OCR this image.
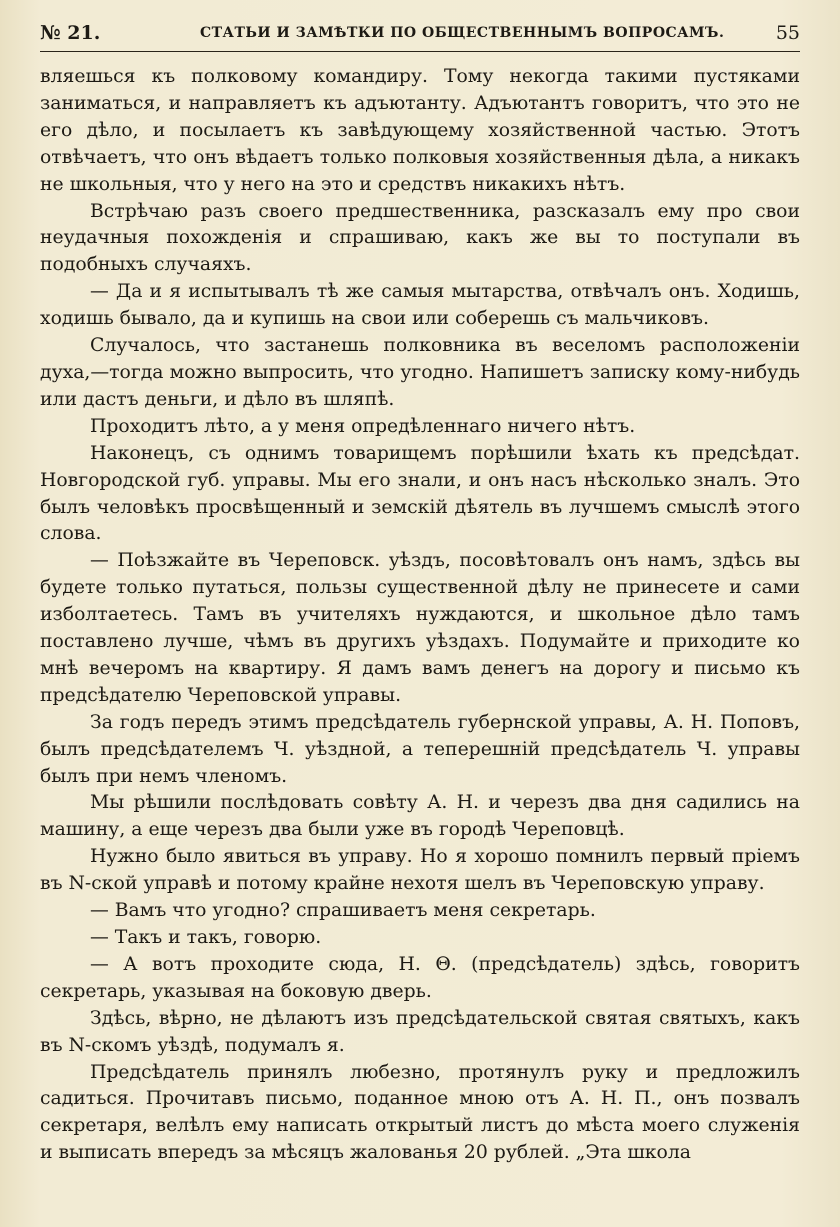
№ 21.	СТАТЬИ И ЗАМѢТКИ ПО ОБЩЕСТВЕННЫМЪ ВОПРОСАМЪ.	55

вляешься къ полковому командиру. Тому некогда такими пустяками заниматься, и направляетъ къ адъютанту. Адъютантъ говоритъ, что это не его дѣло, и посылаетъ къ завѣдующему хозяйственной частью. Этотъ отвѣчаетъ, что онъ вѣдаетъ только полковыя хозяйственныя дѣла, а никакъ не школьныя, что у него на это и средствъ никакихъ нѣтъ.

Встрѣчаю разъ своего предшественника, разсказалъ ему про свои неудачныя похожденія и спрашиваю, какъ же вы то поступали въ подобныхъ случаяхъ.

— Да и я испытывалъ тѣ же самыя мытарства, отвѣчалъ онъ. Ходишь, ходишь бывало, да и купишь на свои или соберешь съ мальчиковъ.

Случалось, что застанешь полковника въ веселомъ расположеніи духа,—тогда можно выпросить, что угодно. Напишетъ записку кому-нибудь или дастъ деньги, и дѣло въ шляпѣ.

Проходитъ лѣто, а у меня опредѣленнаго ничего нѣтъ.

Наконецъ, съ однимъ товарищемъ порѣшили ѣхать къ предсѣдат. Новгородской губ. управы. Мы его знали, и онъ насъ нѣсколько зналъ. Это былъ человѣкъ просвѣщенный и земскій дѣятель въ лучшемъ смыслѣ этого слова.

— Поѣзжайте въ Череповск. уѣздъ, посовѣтовалъ онъ намъ, здѣсь вы будете только путаться, пользы существенной дѣлу не принесете и сами изболтаетесь. Тамъ въ учителяхъ нуждаются, и школьное дѣло тамъ поставлено лучше, чѣмъ въ другихъ уѣздахъ. Подумайте и приходите ко мнѣ вечеромъ на квартиру. Я дамъ вамъ денегъ на дорогу и письмо къ предсѣдателю Череповской управы.

За годъ передъ этимъ предсѣдатель губернской управы, А. Н. Поповъ, былъ предсѣдателемъ Ч. уѣздной, а теперешній предсѣдатель Ч. управы былъ при немъ членомъ.

Мы рѣшили послѣдовать совѣту А. Н. и черезъ два дня садились на машину, а еще черезъ два были уже въ городѣ Череповцѣ.

Нужно было явиться въ управу. Но я хорошо помнилъ первый пріемъ въ N-ской управѣ и потому крайне нехотя шелъ въ Череповскую управу.

— Вамъ что угодно? спрашиваетъ меня секретарь.

— Такъ и такъ, говорю.

— А вотъ проходите сюда, Н. Θ. (предсѣдатель) здѣсь, говоритъ секретарь, указывая на боковую дверь.

Здѣсь, вѣрно, не дѣлаютъ изъ предсѣдательской святая святыхъ, какъ въ N-скомъ уѣздѣ, подумалъ я.

Предсѣдатель принялъ любезно, протянулъ руку и предложилъ садиться. Прочитавъ письмо, поданное мною отъ А. Н. П., онъ позвалъ секретаря, велѣлъ ему написать открытый листъ до мѣста моего служенія и выписать впередъ за мѣсяцъ жалованья 20 рублей. „Эта школа
